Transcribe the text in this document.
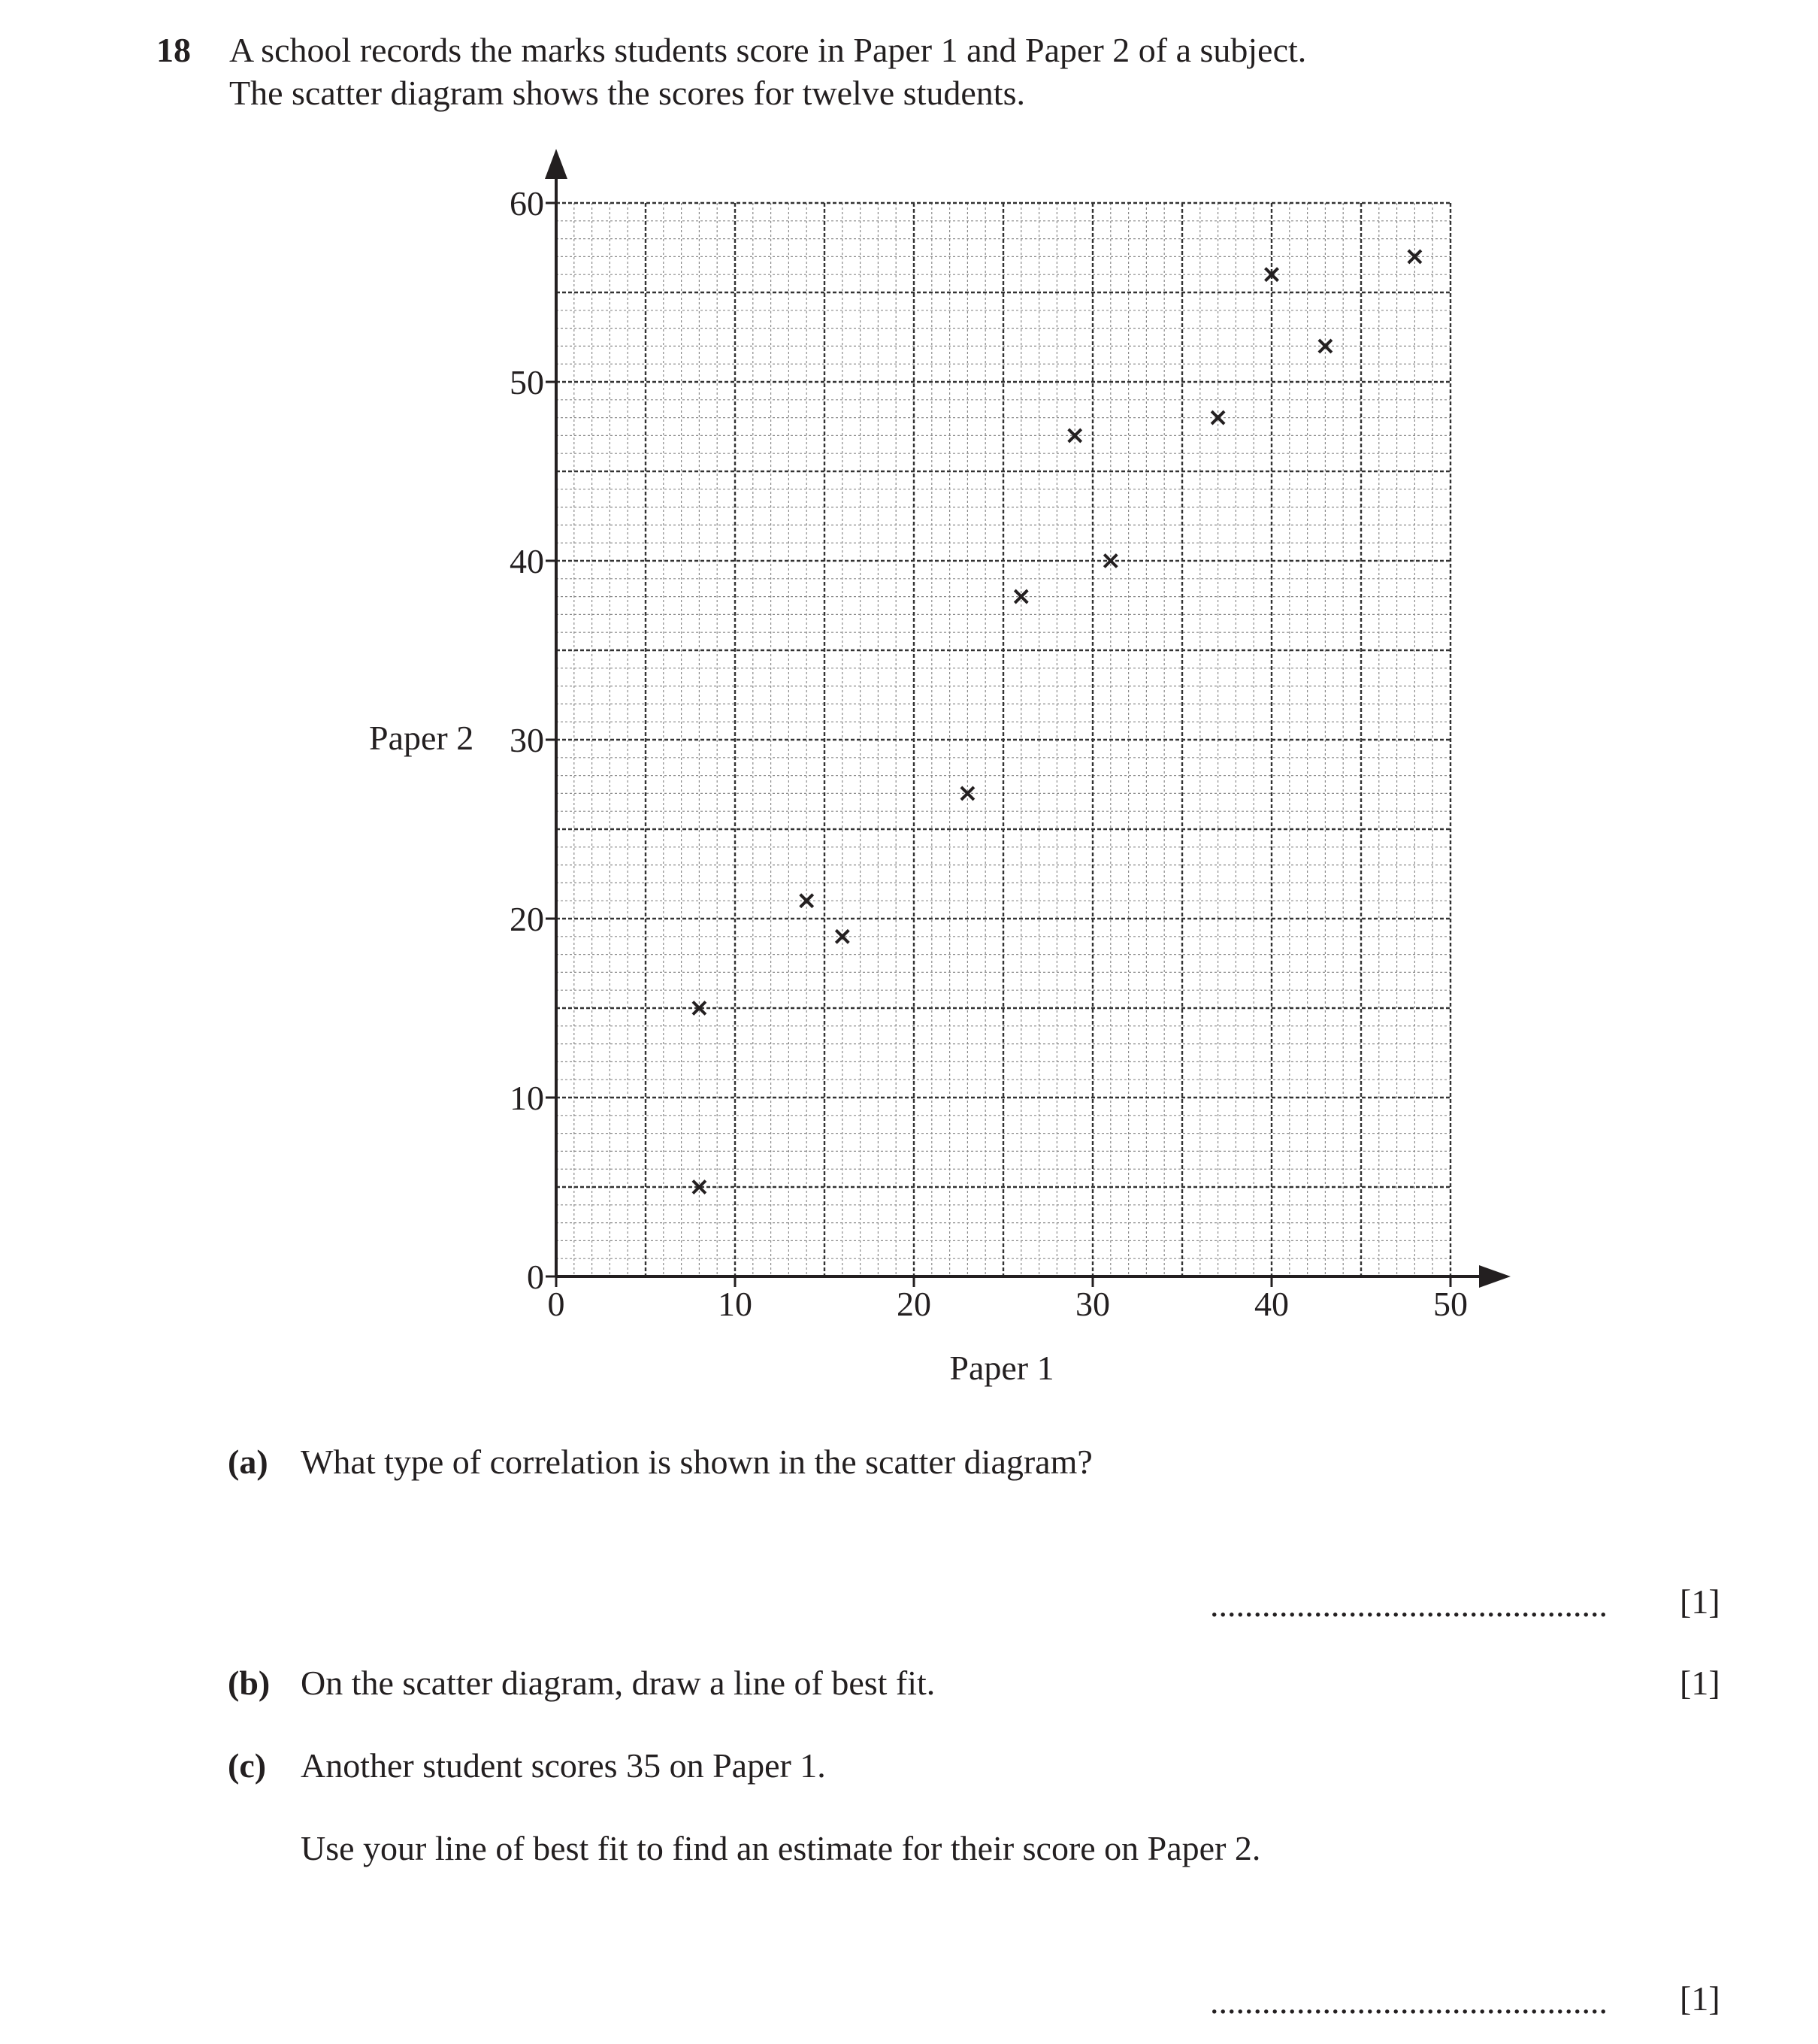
18 A school records the marks students score in Paper 1 and Paper 2 of a subject.
The scatter diagram shows the scores for twelve students.
0	10	20	30	40	50
0
10
20
30
40
50
60
Paper 1
Paper 2
(a) What type of correlation is shown in the scatter diagram?
.............................................. [1]
(b) On the scatter diagram, draw a line of best fit.	[1]
(c) Another student scores 35 on Paper 1.
Use your line of best fit to find an estimate for their score on Paper 2.
.............................................. [1]
